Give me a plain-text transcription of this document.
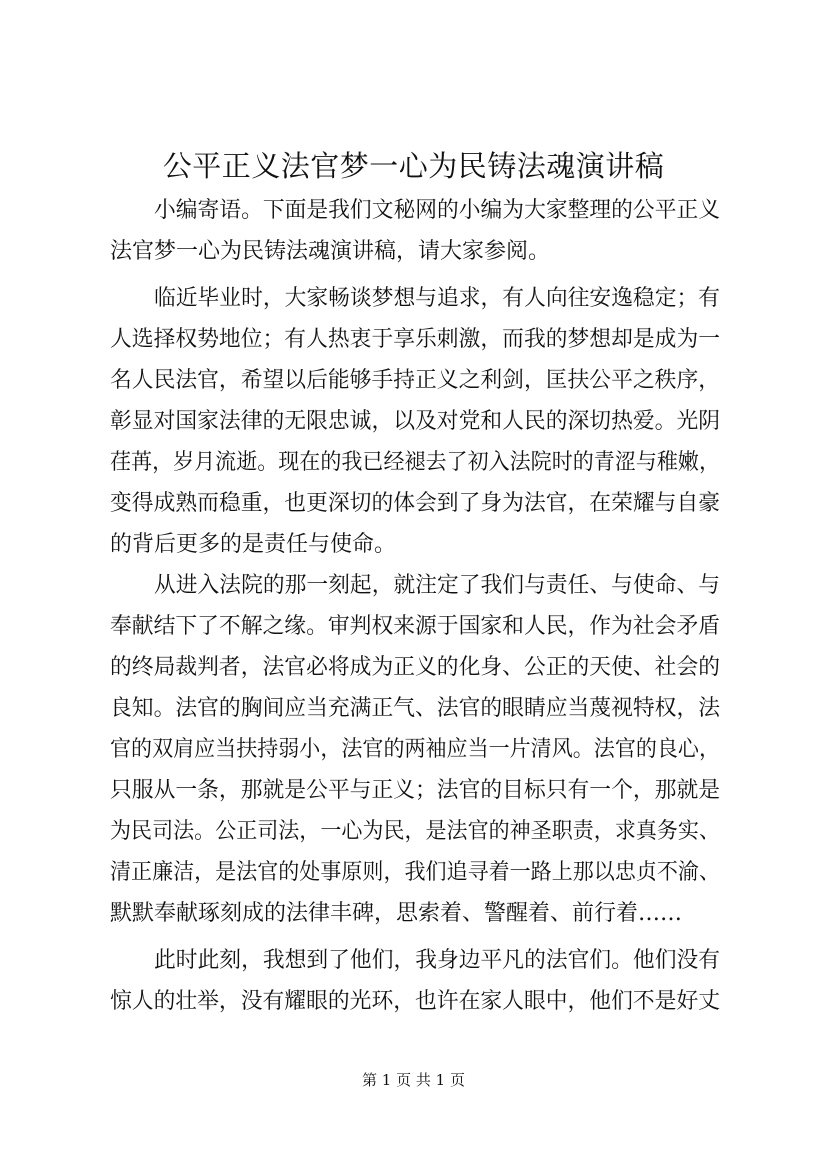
公平正义法官梦一心为民铸法魂演讲稿

小编寄语。下面是我们文秘网的小编为大家整理的公平正义

法官梦一心为民铸法魂演讲稿，请大家参阅。

临近毕业时，大家畅谈梦想与追求，有人向往安逸稳定；有

人选择权势地位；有人热衷于享乐刺激，而我的梦想却是成为一

名人民法官，希望以后能够手持正义之利剑，匡扶公平之秩序，

彰显对国家法律的无限忠诚，以及对党和人民的深切热爱。光阴

荏苒，岁月流逝。现在的我已经褪去了初入法院时的青涩与稚嫩，

变得成熟而稳重，也更深切的体会到了身为法官，在荣耀与自豪

的背后更多的是责任与使命。

从进入法院的那一刻起，就注定了我们与责任、与使命、与

奉献结下了不解之缘。审判权来源于国家和人民，作为社会矛盾

的终局裁判者，法官必将成为正义的化身、公正的天使、社会的

良知。法官的胸间应当充满正气、法官的眼睛应当蔑视特权，法

官的双肩应当扶持弱小，法官的两袖应当一片清风。法官的良心，

只服从一条，那就是公平与正义；法官的目标只有一个，那就是

为民司法。公正司法，一心为民，是法官的神圣职责，求真务实、

清正廉洁，是法官的处事原则，我们追寻着一路上那以忠贞不渝、

默默奉献琢刻成的法律丰碑，思索着、警醒着、前行着……

此时此刻，我想到了他们，我身边平凡的法官们。他们没有

惊人的壮举，没有耀眼的光环，也许在家人眼中，他们不是好丈

第 1 页 共 1 页
